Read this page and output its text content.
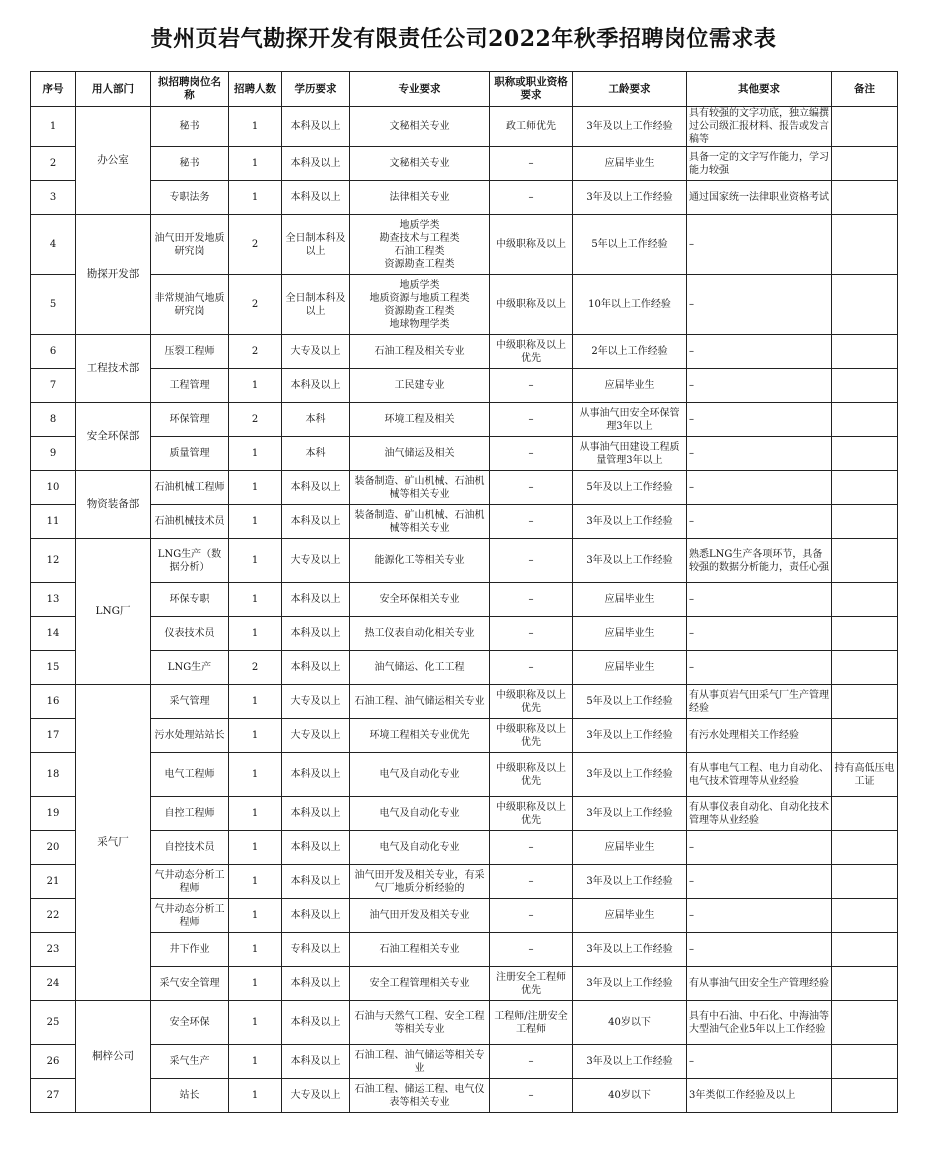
贵州页岩气勘探开发有限责任公司2022年秋季招聘岗位需求表
序号	用人部门	拟招聘岗位名称	招聘人数	学历要求	专业要求	职称或职业资格要求	工龄要求	其他要求	备注
1	办公室	秘书	1	本科及以上	文秘相关专业	政工师优先	3年及以上工作经验	具有较强的文字功底，独立编撰过公司级汇报材料、报告或发言稿等	
2		秘书	1	本科及以上	文秘相关专业	–	应届毕业生	具备一定的文字写作能力，学习能力较强	
3		专职法务	1	本科及以上	法律相关专业	–	3年及以上工作经验	通过国家统一法律职业资格考试	
4	勘探开发部	油气田开发地质研究岗	2	全日制本科及以上	地质学类
勘查技术与工程类
石油工程类
资源勘查工程类	中级职称及以上	5年以上工作经验	–	
5		非常规油气地质研究岗	2	全日制本科及以上	地质学类
地质资源与地质工程类
资源勘查工程类
地球物理学类	中级职称及以上	10年以上工作经验	–	
6	工程技术部	压裂工程师	2	大专及以上	石油工程及相关专业	中级职称及以上优先	2年以上工作经验	–	
7		工程管理	1	本科及以上	工民建专业	–	应届毕业生	–	
8	安全环保部	环保管理	2	本科	环境工程及相关	–	从事油气田安全环保管理3年以上	–	
9		质量管理	1	本科	油气储运及相关	–	从事油气田建设工程质量管理3年以上	–	
10	物资装备部	石油机械工程师	1	本科及以上	装备制造、矿山机械、石油机械等相关专业	–	5年及以上工作经验	–	
11		石油机械技术员	1	本科及以上	装备制造、矿山机械、石油机械等相关专业	–	3年及以上工作经验	–	
12	LNG厂	LNG生产（数据分析）	1	大专及以上	能源化工等相关专业	–	3年及以上工作经验	熟悉LNG生产各项环节，具备较强的数据分析能力，责任心强	
13		环保专职	1	本科及以上	安全环保相关专业	–	应届毕业生	–	
14		仪表技术员	1	本科及以上	热工仪表自动化相关专业	–	应届毕业生	–	
15		LNG生产	2	本科及以上	油气储运、化工工程	–	应届毕业生	–	
16	采气厂	采气管理	1	大专及以上	石油工程、油气储运相关专业	中级职称及以上优先	5年及以上工作经验	有从事页岩气田采气厂生产管理经验	
17		污水处理站站长	1	大专及以上	环境工程相关专业优先	中级职称及以上优先	3年及以上工作经验	有污水处理相关工作经验	
18		电气工程师	1	本科及以上	电气及自动化专业	中级职称及以上优先	3年及以上工作经验	有从事电气工程、电力自动化、电气技术管理等从业经验	持有高低压电工证
19		自控工程师	1	本科及以上	电气及自动化专业	中级职称及以上优先	3年及以上工作经验	有从事仪表自动化、自动化技术管理等从业经验	
20		自控技术员	1	本科及以上	电气及自动化专业	–	应届毕业生	–	
21		气井动态分析工程师	1	本科及以上	油气田开发及相关专业，有采气厂地质分析经验的	–	3年及以上工作经验	–	
22		气井动态分析工程师	1	本科及以上	油气田开发及相关专业	–	应届毕业生	–	
23		井下作业	1	专科及以上	石油工程相关专业	–	3年及以上工作经验	–	
24		采气安全管理	1	本科及以上	安全工程管理相关专业	注册安全工程师优先	3年及以上工作经验	有从事油气田安全生产管理经验	
25	桐梓公司	安全环保	1	本科及以上	石油与天然气工程、安全工程等相关专业	工程师/注册安全工程师	40岁以下	具有中石油、中石化、中海油等大型油气企业5年以上工作经验	
26		采气生产	1	本科及以上	石油工程、油气储运等相关专业	–	3年及以上工作经验	–	
27		站长	1	大专及以上	石油工程、储运工程、电气仪表等相关专业	–	40岁以下	3年类似工作经验及以上	
